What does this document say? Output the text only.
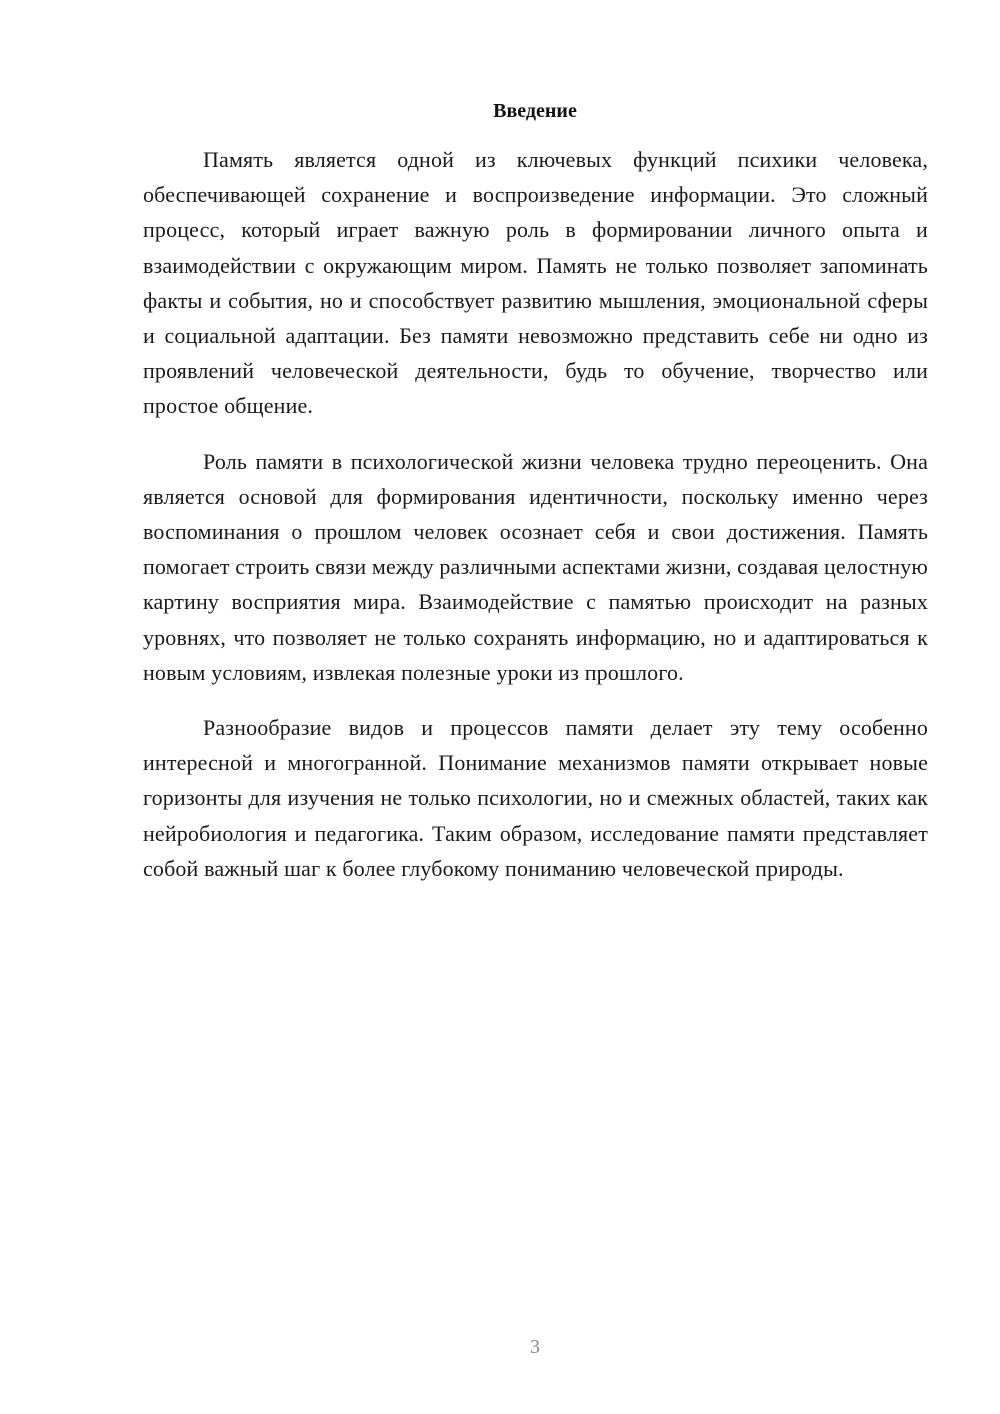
Введение

Память является одной из ключевых функций психики человека, обеспечивающей сохранение и воспроизведение информации. Это сложный процесс, который играет важную роль в формировании личного опыта и взаимодействии с окружающим миром. Память не только позволяет запоминать факты и события, но и способствует развитию мышления, эмоциональной сферы и социальной адаптации. Без памяти невозможно представить себе ни одно из проявлений человеческой деятельности, будь то обучение, творчество или простое общение.

Роль памяти в психологической жизни человека трудно переоценить. Она является основой для формирования идентичности, поскольку именно через воспоминания о прошлом человек осознает себя и свои достижения. Память помогает строить связи между различными аспектами жизни, создавая целостную картину восприятия мира. Взаимодействие с памятью происходит на разных уровнях, что позволяет не только сохранять информацию, но и адаптироваться к новым условиям, извлекая полезные уроки из прошлого.

Разнообразие видов и процессов памяти делает эту тему особенно интересной и многогранной. Понимание механизмов памяти открывает новые горизонты для изучения не только психологии, но и смежных областей, таких как нейробиология и педагогика. Таким образом, исследование памяти представляет собой важный шаг к более глубокому пониманию человеческой природы.

3
